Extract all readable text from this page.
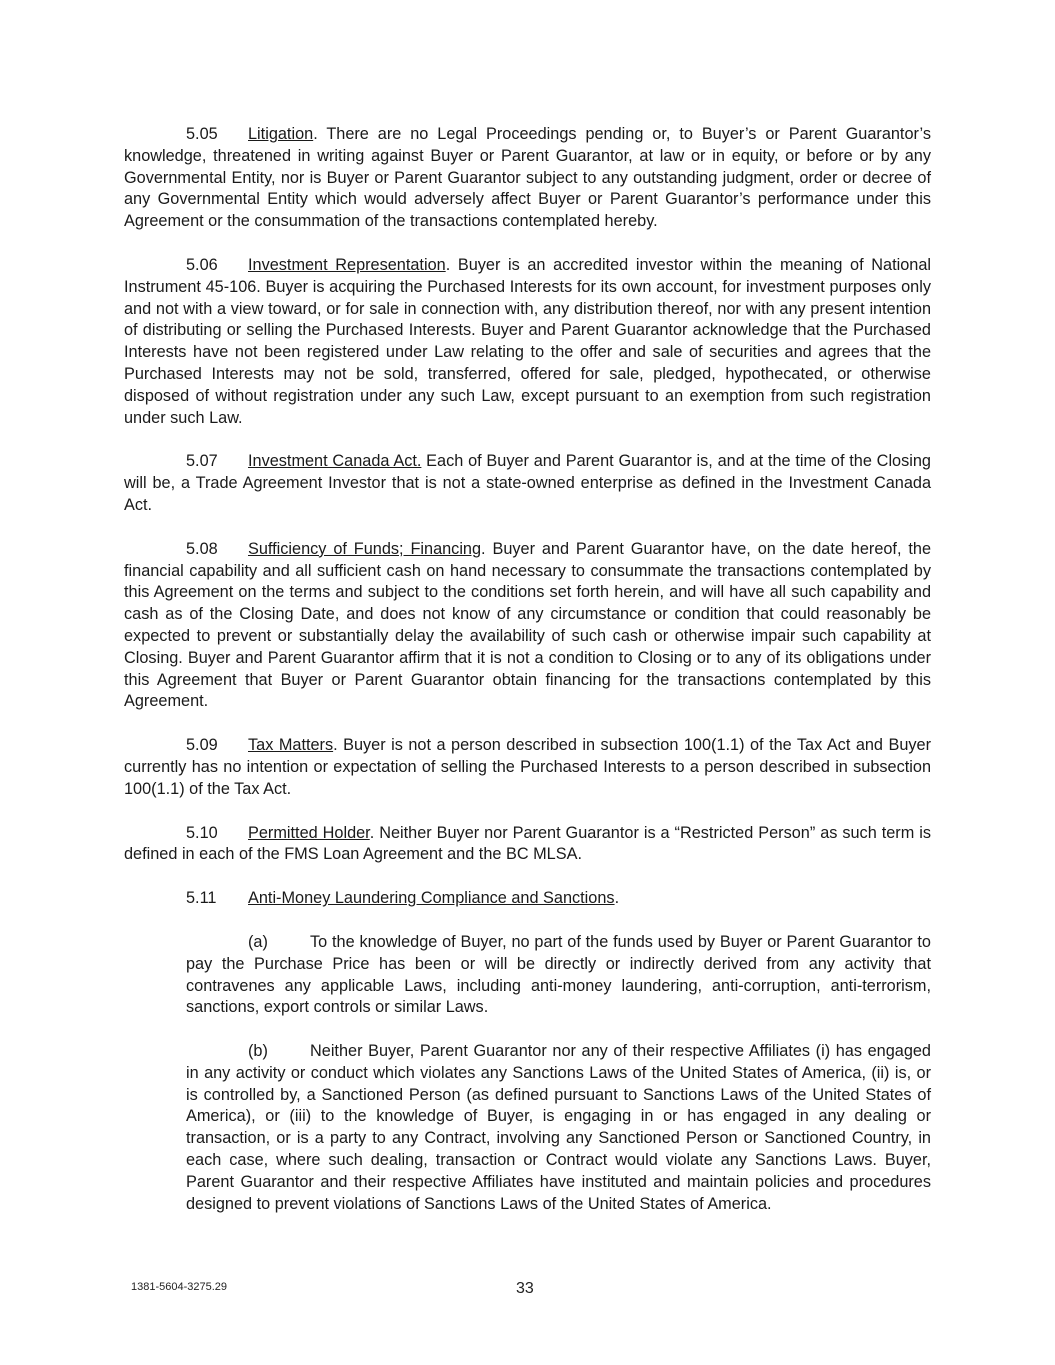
5.05 Litigation. There are no Legal Proceedings pending or, to Buyer’s or Parent Guarantor’s knowledge, threatened in writing against Buyer or Parent Guarantor, at law or in equity, or before or by any Governmental Entity, nor is Buyer or Parent Guarantor subject to any outstanding judgment, order or decree of any Governmental Entity which would adversely affect Buyer or Parent Guarantor’s performance under this Agreement or the consummation of the transactions contemplated hereby.

5.06 Investment Representation. Buyer is an accredited investor within the meaning of National Instrument 45-106. Buyer is acquiring the Purchased Interests for its own account, for investment purposes only and not with a view toward, or for sale in connection with, any distribution thereof, nor with any present intention of distributing or selling the Purchased Interests. Buyer and Parent Guarantor acknowledge that the Purchased Interests have not been registered under Law relating to the offer and sale of securities and agrees that the Purchased Interests may not be sold, transferred, offered for sale, pledged, hypothecated, or otherwise disposed of without registration under any such Law, except pursuant to an exemption from such registration under such Law.

5.07 Investment Canada Act. Each of Buyer and Parent Guarantor is, and at the time of the Closing will be, a Trade Agreement Investor that is not a state-owned enterprise as defined in the Investment Canada Act.

5.08 Sufficiency of Funds; Financing. Buyer and Parent Guarantor have, on the date hereof, the financial capability and all sufficient cash on hand necessary to consummate the transactions contemplated by this Agreement on the terms and subject to the conditions set forth herein, and will have all such capability and cash as of the Closing Date, and does not know of any circumstance or condition that could reasonably be expected to prevent or substantially delay the availability of such cash or otherwise impair such capability at Closing. Buyer and Parent Guarantor affirm that it is not a condition to Closing or to any of its obligations under this Agreement that Buyer or Parent Guarantor obtain financing for the transactions contemplated by this Agreement.

5.09 Tax Matters. Buyer is not a person described in subsection 100(1.1) of the Tax Act and Buyer currently has no intention or expectation of selling the Purchased Interests to a person described in subsection 100(1.1) of the Tax Act.

5.10 Permitted Holder. Neither Buyer nor Parent Guarantor is a “Restricted Person” as such term is defined in each of the FMS Loan Agreement and the BC MLSA.

5.11 Anti-Money Laundering Compliance and Sanctions.

(a)	To the knowledge of Buyer, no part of the funds used by Buyer or Parent Guarantor to pay the Purchase Price has been or will be directly or indirectly derived from any activity that contravenes any applicable Laws, including anti-money laundering, anti-corruption, anti-terrorism, sanctions, export controls or similar Laws.

(b)	Neither Buyer, Parent Guarantor nor any of their respective Affiliates (i) has engaged in any activity or conduct which violates any Sanctions Laws of the United States of America, (ii) is, or is controlled by, a Sanctioned Person (as defined pursuant to Sanctions Laws of the United States of America), or (iii) to the knowledge of Buyer, is engaging in or has engaged in any dealing or transaction, or is a party to any Contract, involving any Sanctioned Person or Sanctioned Country, in each case, where such dealing, transaction or Contract would violate any Sanctions Laws. Buyer, Parent Guarantor and their respective Affiliates have instituted and maintain policies and procedures designed to prevent violations of Sanctions Laws of the United States of America.

1381-5604-3275.29	33
